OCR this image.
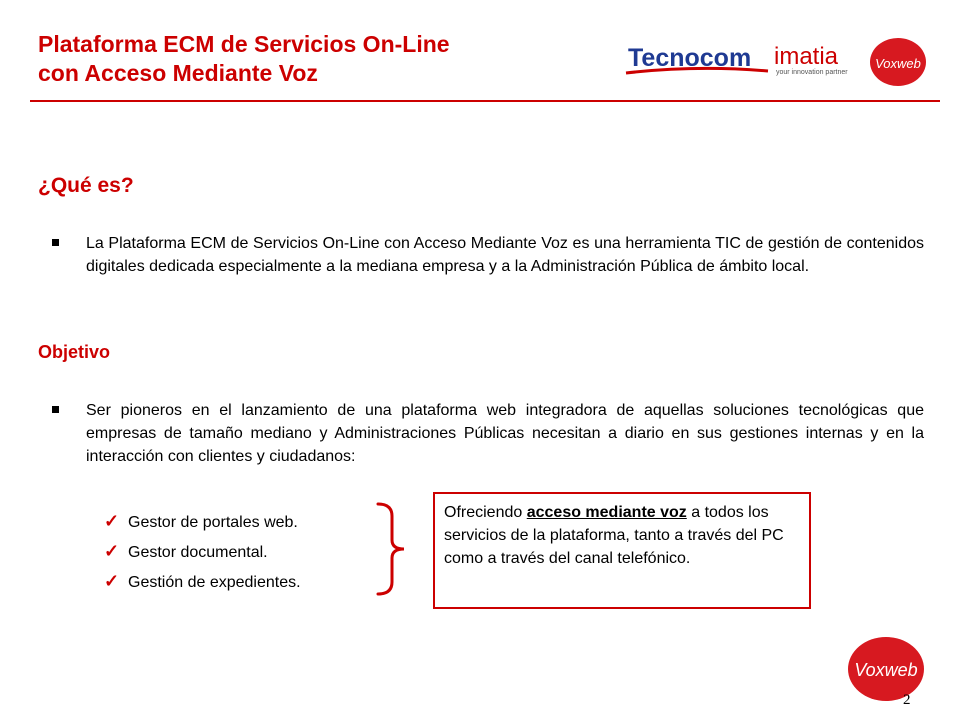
Plataforma ECM de Servicios On-Line
con Acceso Mediante Voz
Tecnocom imatia
your innovation partner
Voxweb
¿Qué es?
La Plataforma ECM de Servicios On-Line con Acceso Mediante Voz es una herramienta TIC de gestión de contenidos digitales dedicada especialmente a la mediana empresa y a la Administración Pública de ámbito local.
Objetivo
Ser pioneros en el lanzamiento de una plataforma web integradora de aquellas soluciones tecnológicas que empresas de tamaño mediano y Administraciones Públicas necesitan a diario en sus gestiones internas y en la interacción con clientes y ciudadanos:
✓ Gestor de portales web.
✓ Gestor documental.
✓ Gestión de expedientes.
Ofreciendo acceso mediante voz a todos los servicios de la plataforma, tanto a través del PC como a través del canal telefónico.
Voxweb
2
